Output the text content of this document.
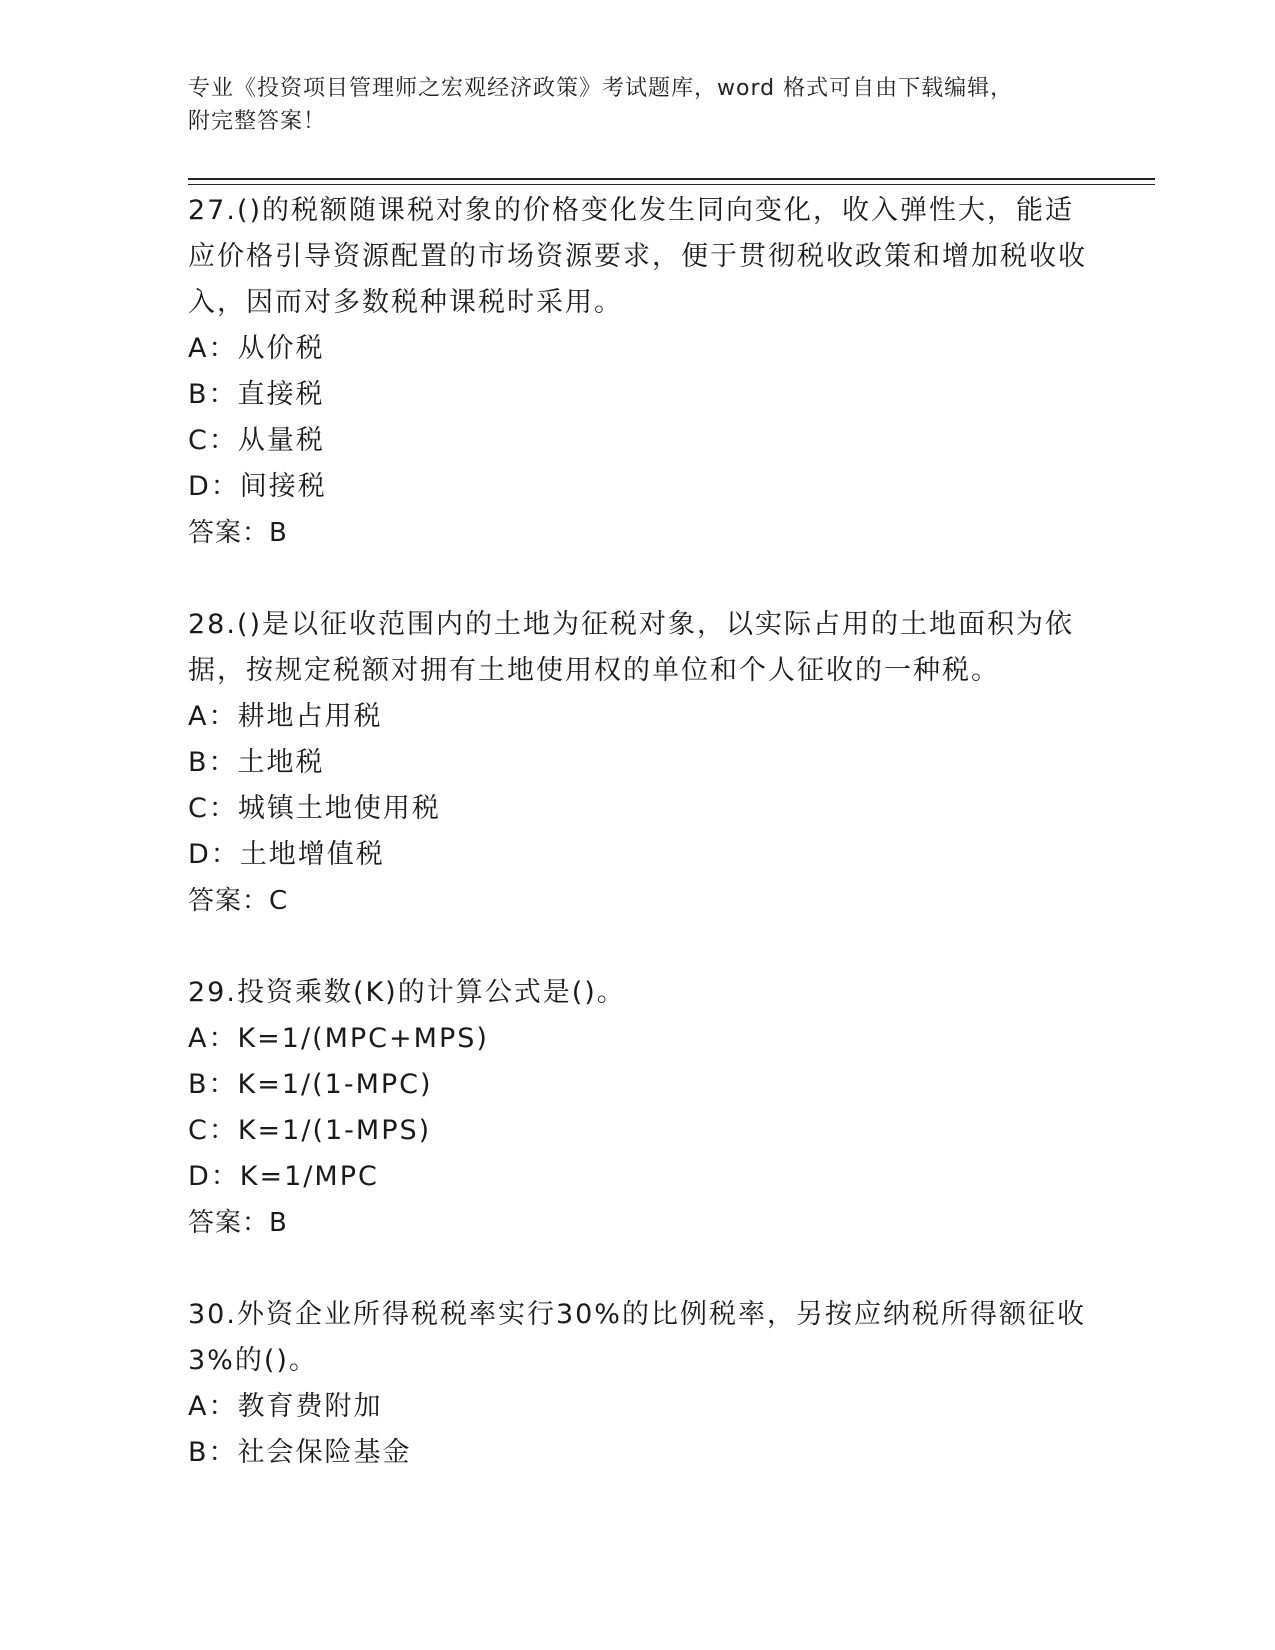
专业《投资项目管理师之宏观经济政策》考试题库，word 格式可自由下载编辑，
附完整答案！

27.()的税额随课税对象的价格变化发生同向变化，收入弹性大，能适应价格引导资源配置的市场资源要求，便于贯彻税收政策和增加税收收入，因而对多数税种课税时采用。

A：从价税

B：直接税

C：从量税

D：间接税

答案：B

28.()是以征收范围内的土地为征税对象，以实际占用的土地面积为依据，按规定税额对拥有土地使用权的单位和个人征收的一种税。

A：耕地占用税

B：土地税

C：城镇土地使用税

D：土地增值税

答案：C

29.投资乘数(K)的计算公式是()。

A：K=1/(MPC+MPS)

B：K=1/(1-MPC)

C：K=1/(1-MPS)

D：K=1/MPC

答案：B

30.外资企业所得税税率实行30%的比例税率，另按应纳税所得额征收3%的()。

A：教育费附加

B：社会保险基金
